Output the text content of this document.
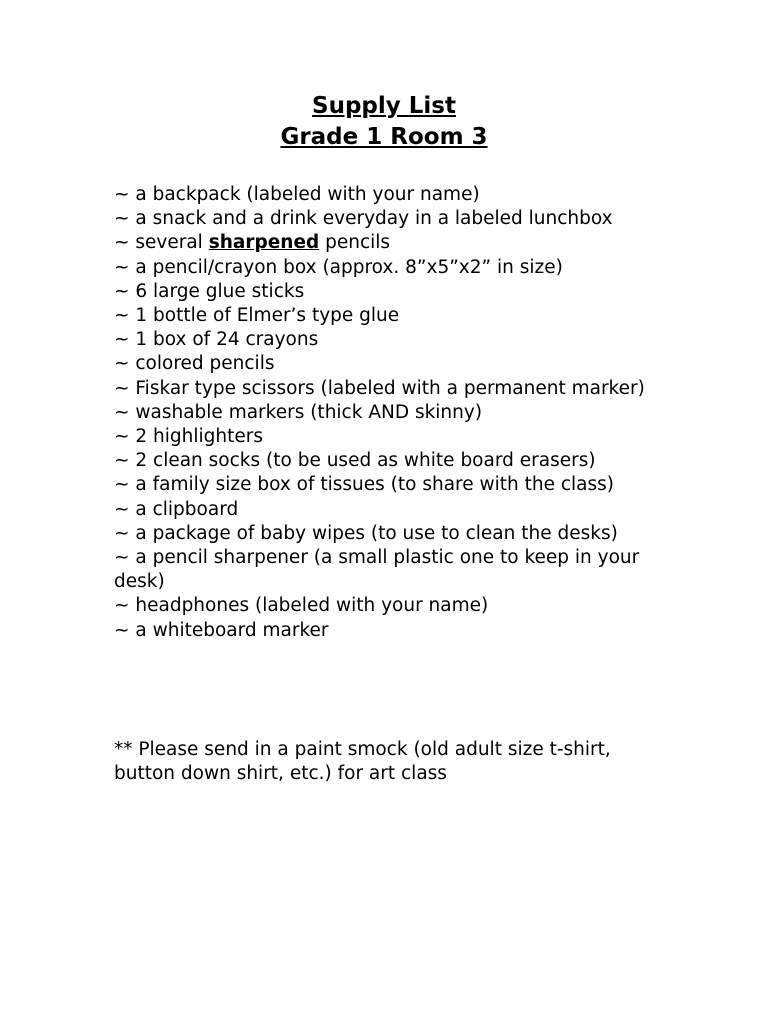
Supply List
Grade 1 Room 3
~ a backpack (labeled with your name)
~ a snack and a drink everyday in a labeled lunchbox
~ several sharpened pencils
~ a pencil/crayon box (approx. 8”x5”x2” in size)
~ 6 large glue sticks
~ 1 bottle of Elmer’s type glue
~ 1 box of 24 crayons
~ colored pencils
~ Fiskar type scissors (labeled with a permanent marker)
~ washable markers (thick AND skinny)
~ 2 highlighters
~ 2 clean socks (to be used as white board erasers)
~ a family size box of tissues (to share with the class)
~ a clipboard
~ a package of baby wipes (to use to clean the desks)
~ a pencil sharpener (a small plastic one to keep in your desk)
~ headphones (labeled with your name)
~ a whiteboard marker

** Please send in a paint smock (old adult size t-shirt, button down shirt, etc.) for art class
